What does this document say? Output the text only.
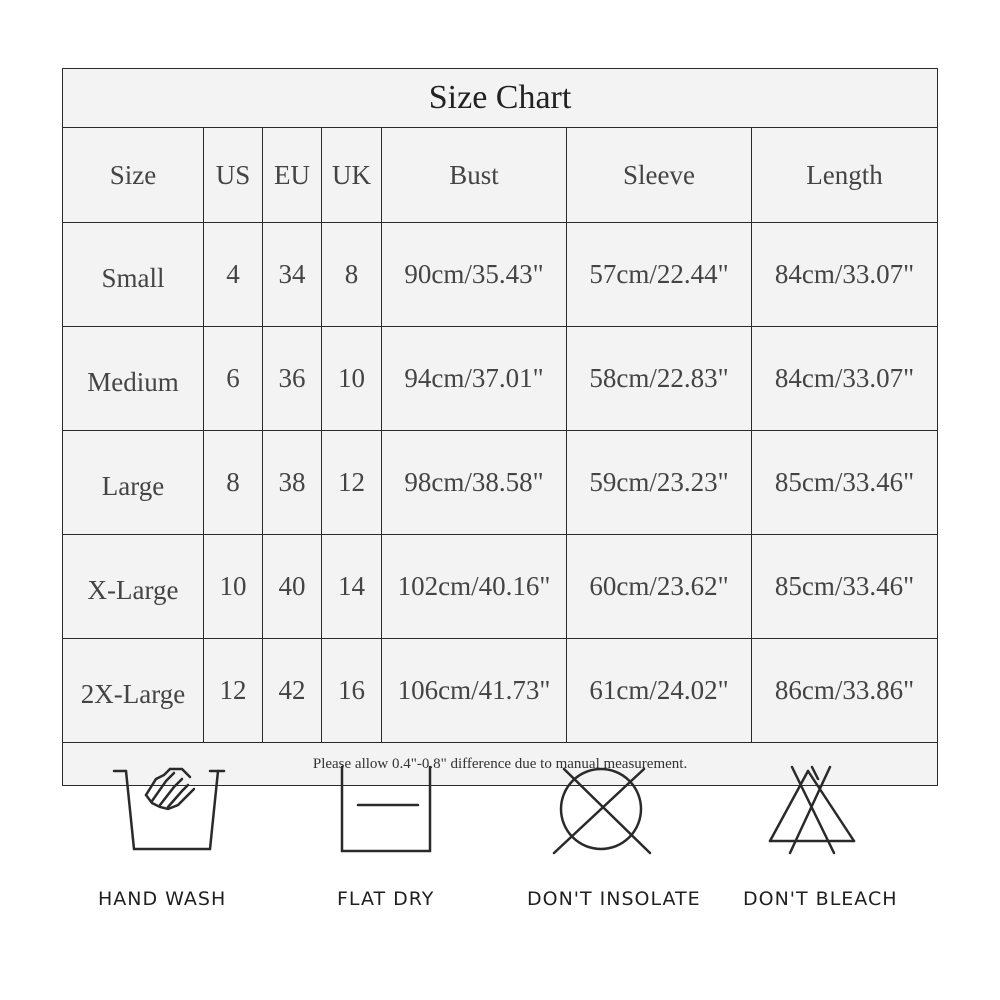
Size Chart						
Size	US	EU	UK	Bust	Sleeve	Length
Small	4	34	8	90cm/35.43"	57cm/22.44"	84cm/33.07"
Medium	6	36	10	94cm/37.01"	58cm/22.83"	84cm/33.07"
Large	8	38	12	98cm/38.58"	59cm/23.23"	85cm/33.46"
X-Large	10	40	14	102cm/40.16"	60cm/23.62"	85cm/33.46"
2X-Large	12	42	16	106cm/41.73"	61cm/24.02"	86cm/33.86"
Please allow 0.4"-0.8" difference due to manual measurement.						
HAND WASH	FLAT DRY	DON'T INSOLATE DON'T BLEACH
